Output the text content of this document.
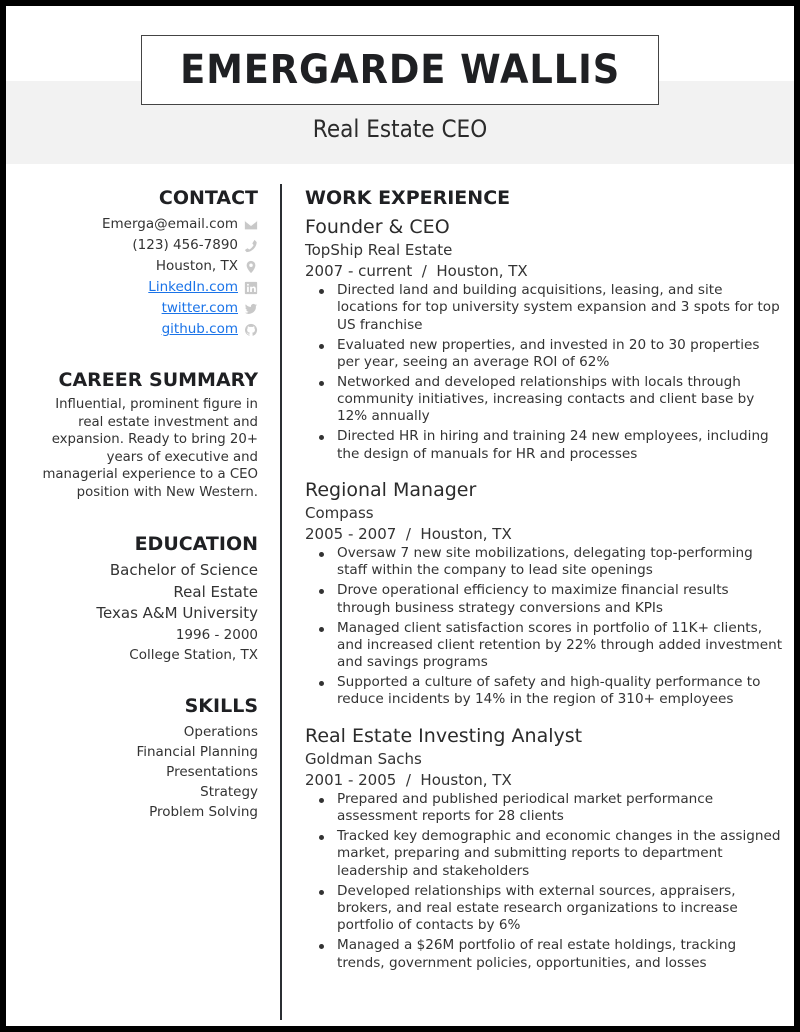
EMERGARDE WALLIS
Real Estate CEO
CONTACT
Emerga@email.com
(123) 456-7890
Houston, TX
LinkedIn.com
twitter.com
github.com
CAREER SUMMARY
Influential, prominent figure in real estate investment and expansion. Ready to bring 20+ years of executive and managerial experience to a CEO position with New Western.
EDUCATION
Bachelor of Science
Real Estate
Texas A&M University
1996 - 2000
College Station, TX
SKILLS
Operations
Financial Planning
Presentations
Strategy
Problem Solving
WORK EXPERIENCE
Founder & CEO
TopShip Real Estate
2007 - current  /  Houston, TX
Directed land and building acquisitions, leasing, and site locations for top university system expansion and 3 spots for top US franchise
Evaluated new properties, and invested in 20 to 30 properties per year, seeing an average ROI of 62%
Networked and developed relationships with locals through community initiatives, increasing contacts and client base by 12% annually
Directed HR in hiring and training 24 new employees, including the design of manuals for HR and processes
Regional Manager
Compass
2005 - 2007  /  Houston, TX
Oversaw 7 new site mobilizations, delegating top-performing staff within the company to lead site openings
Drove operational efficiency to maximize financial results through business strategy conversions and KPIs
Managed client satisfaction scores in portfolio of 11K+ clients, and increased client retention by 22% through added investment and savings programs
Supported a culture of safety and high-quality performance to reduce incidents by 14% in the region of 310+ employees
Real Estate Investing Analyst
Goldman Sachs
2001 - 2005  /  Houston, TX
Prepared and published periodical market performance assessment reports for 28 clients
Tracked key demographic and economic changes in the assigned market, preparing and submitting reports to department leadership and stakeholders
Developed relationships with external sources, appraisers, brokers, and real estate research organizations to increase portfolio of contacts by 6%
Managed a $26M portfolio of real estate holdings, tracking trends, government policies, opportunities, and losses
